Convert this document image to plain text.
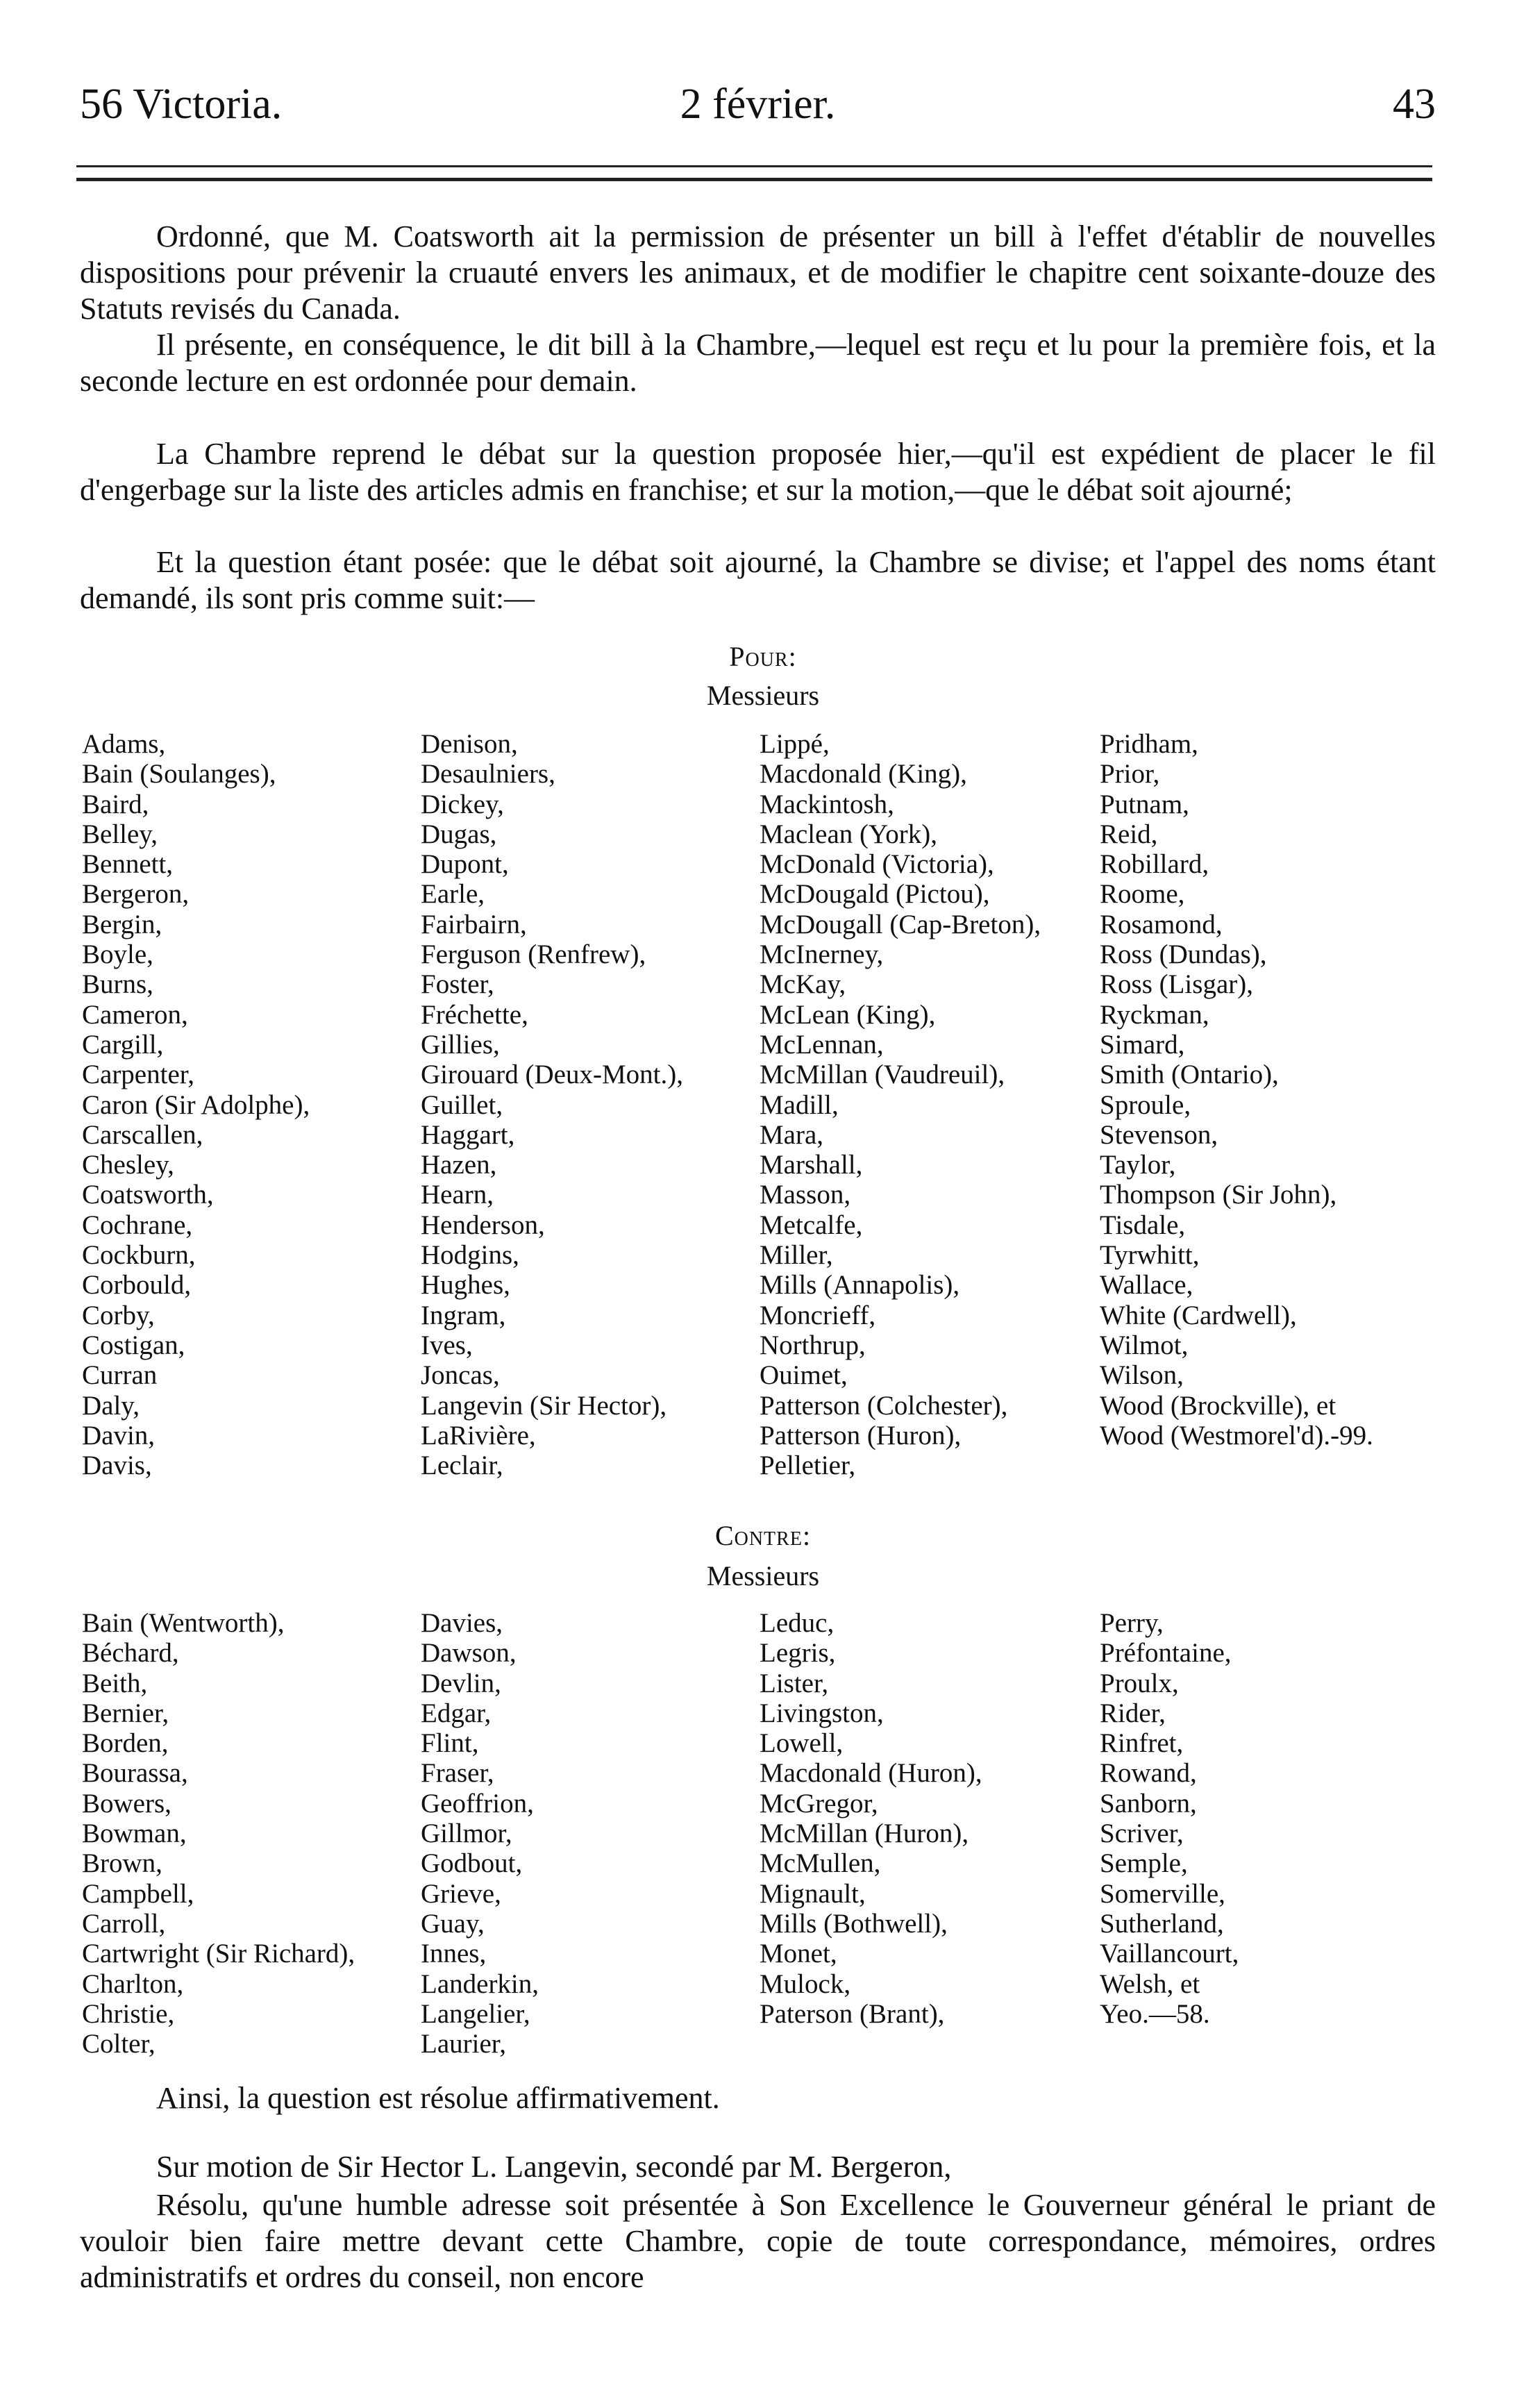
56 Victoria.	2 février.	43

Ordonné, que M. Coatsworth ait la permission de présenter un bill à l'effet d'établir de nouvelles dispositions pour prévenir la cruauté envers les animaux, et de modifier le chapitre cent soixante-douze des Statuts revisés du Canada.

Il présente, en conséquence, le dit bill à la Chambre,—lequel est reçu et lu pour la première fois, et la seconde lecture en est ordonnée pour demain.

La Chambre reprend le débat sur la question proposée hier,—qu'il est expédient de placer le fil d'engerbage sur la liste des articles admis en franchise; et sur la motion,—que le débat soit ajourné;

Et la question étant posée: que le débat soit ajourné, la Chambre se divise; et l'appel des noms étant demandé, ils sont pris comme suit:—

Pour:
Messieurs
Adams,
Bain (Soulanges),
Baird,
Belley,
Bennett,
Bergeron,
Bergin,
Boyle,
Burns,
Cameron,
Cargill,
Carpenter,
Caron (Sir Adolphe),
Carscallen,
Chesley,
Coatsworth,
Cochrane,
Cockburn,
Corbould,
Corby,
Costigan,
Curran
Daly,
Davin,
Davis,
Denison,
Desaulniers,
Dickey,
Dugas,
Dupont,
Earle,
Fairbairn,
Ferguson (Renfrew),
Foster,
Fréchette,
Gillies,
Girouard (Deux-Mont.),
Guillet,
Haggart,
Hazen,
Hearn,
Henderson,
Hodgins,
Hughes,
Ingram,
Ives,
Joncas,
Langevin (Sir Hector),
LaRivière,
Leclair,
Lippé,
Macdonald (King),
Mackintosh,
Maclean (York),
McDonald (Victoria),
McDougald (Pictou),
McDougall (Cap-Breton),
McInerney,
McKay,
McLean (King),
McLennan,
McMillan (Vaudreuil),
Madill,
Mara,
Marshall,
Masson,
Metcalfe,
Miller,
Mills (Annapolis),
Moncrieff,
Northrup,
Ouimet,
Patterson (Colchester),
Patterson (Huron),
Pelletier,
Pridham,
Prior,
Putnam,
Reid,
Robillard,
Roome,
Rosamond,
Ross (Dundas),
Ross (Lisgar),
Ryckman,
Simard,
Smith (Ontario),
Sproule,
Stevenson,
Taylor,
Thompson (Sir John),
Tisdale,
Tyrwhitt,
Wallace,
White (Cardwell),
Wilmot,
Wilson,
Wood (Brockville), et
Wood (Westmorel'd).-99.
Contre:
Messieurs
Bain (Wentworth),
Béchard,
Beith,
Bernier,
Borden,
Bourassa,
Bowers,
Bowman,
Brown,
Campbell,
Carroll,
Cartwright (Sir Richard),
Charlton,
Christie,
Colter,
Davies,
Dawson,
Devlin,
Edgar,
Flint,
Fraser,
Geoffrion,
Gillmor,
Godbout,
Grieve,
Guay,
Innes,
Landerkin,
Langelier,
Laurier,
Leduc,
Legris,
Lister,
Livingston,
Lowell,
Macdonald (Huron),
McGregor,
McMillan (Huron),
McMullen,
Mignault,
Mills (Bothwell),
Monet,
Mulock,
Paterson (Brant),
Perry,
Préfontaine,
Proulx,
Rider,
Rinfret,
Rowand,
Sanborn,
Scriver,
Semple,
Somerville,
Sutherland,
Vaillancourt,
Welsh, et
Yeo.—58.

Ainsi, la question est résolue affirmativement.

Sur motion de Sir Hector L. Langevin, secondé par M. Bergeron,

Résolu, qu'une humble adresse soit présentée à Son Excellence le Gouverneur général le priant de vouloir bien faire mettre devant cette Chambre, copie de toute correspondance, mémoires, ordres administratifs et ordres du conseil, non encore
